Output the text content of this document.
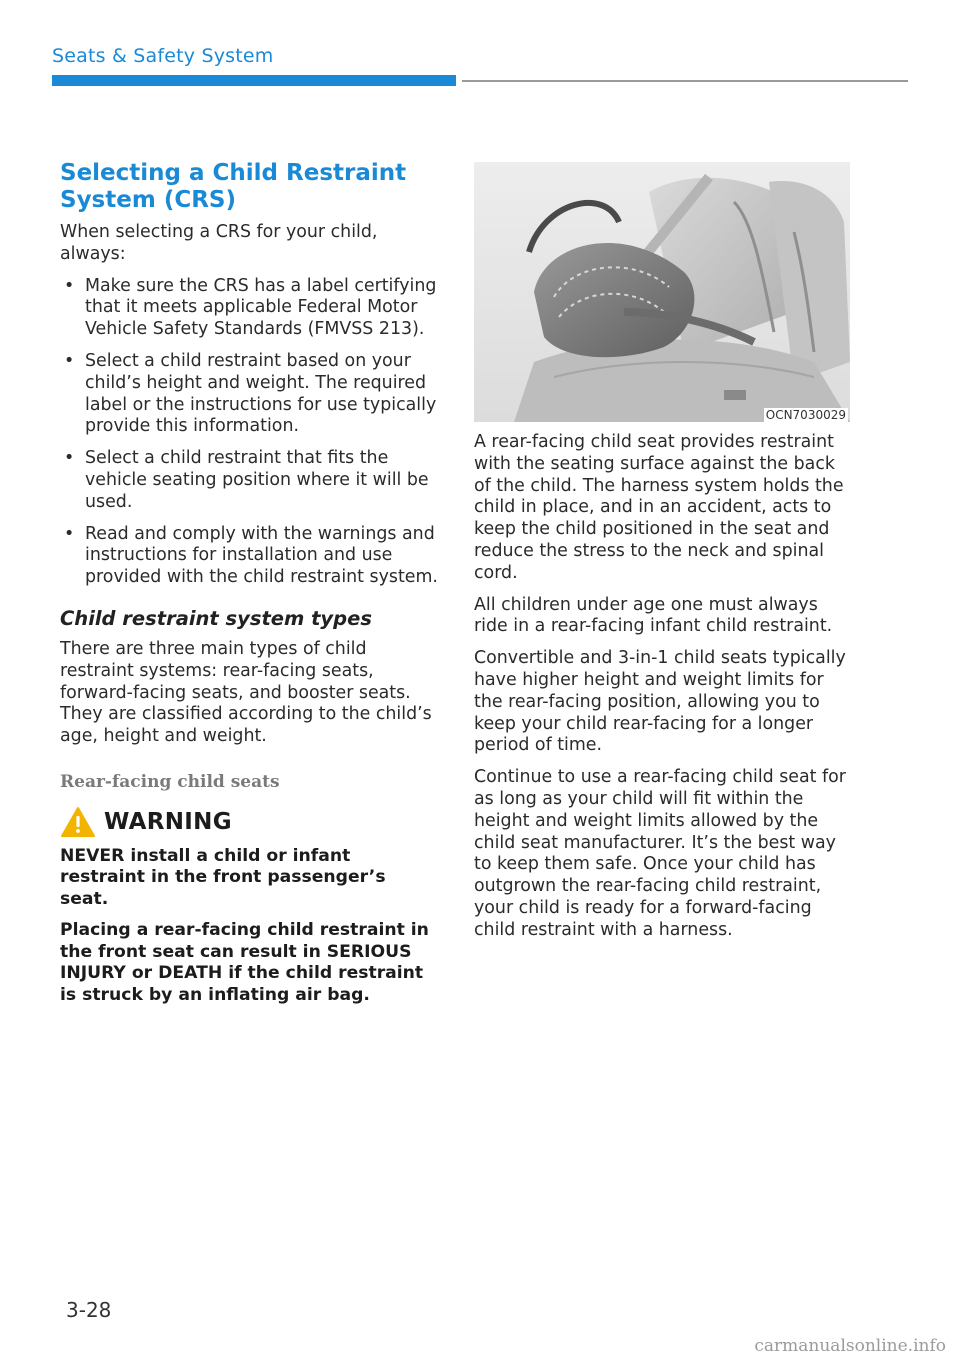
Seats & Safety System
Selecting a Child Restraint System (CRS)

When selecting a CRS for your child, always:

• Make sure the CRS has a label certifying that it meets applicable Federal Motor Vehicle Safety Standards (FMVSS 213).
• Select a child restraint based on your child’s height and weight. The required label or the instructions for use typically provide this information.
• Select a child restraint that fits the vehicle seating position where it will be used.
• Read and comply with the warnings and instructions for installation and use provided with the child restraint system.
Child restraint system types

There are three main types of child restraint systems: rear-facing seats, forward-facing seats, and booster seats. They are classified according to the child’s age, height and weight.

Rear-facing child seats
WARNING
NEVER install a child or infant restraint in the front passenger’s seat.
Placing a rear-facing child restraint in the front seat can result in SERIOUS INJURY or DEATH if the child restraint is struck by an inflating air bag.
OCN7030029

A rear-facing child seat provides restraint with the seating surface against the back of the child. The harness system holds the child in place, and in an accident, acts to keep the child positioned in the seat and reduce the stress to the neck and spinal cord.

All children under age one must always ride in a rear-facing infant child restraint.

Convertible and 3-in-1 child seats typically have higher height and weight limits for the rear-facing position, allowing you to keep your child rear-facing for a longer period of time.

Continue to use a rear-facing child seat for as long as your child will fit within the height and weight limits allowed by the child seat manufacturer. It’s the best way to keep them safe. Once your child has outgrown the rear-facing child restraint, your child is ready for a forward-facing child restraint with a harness.

3-28
carmanualsonline.info
